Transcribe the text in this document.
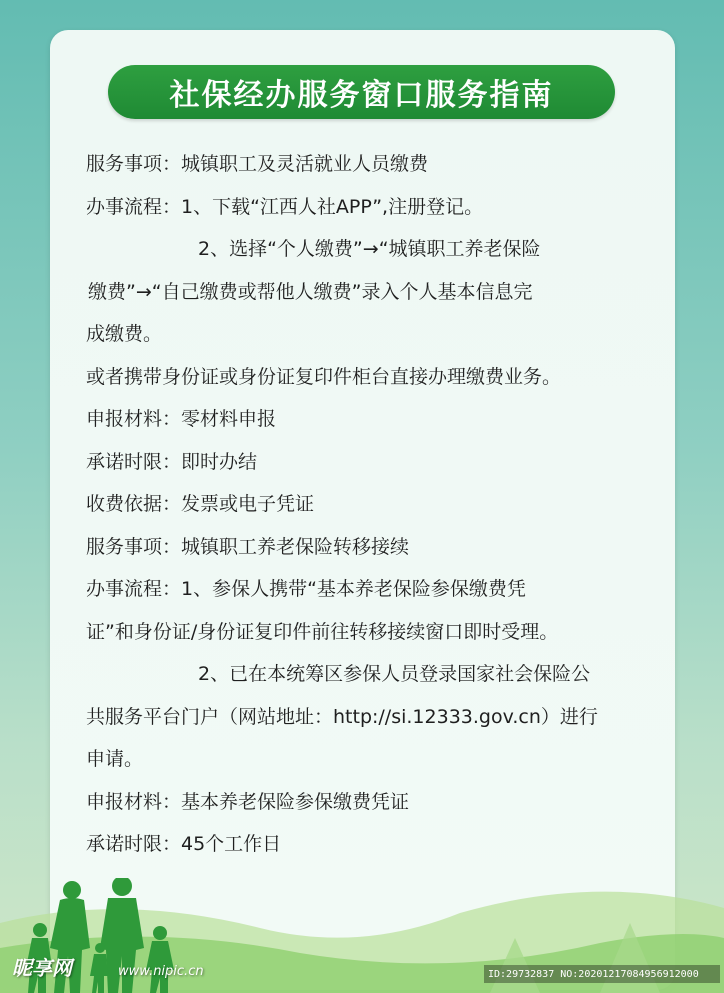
社保经办服务窗口服务指南
服务事项：城镇职工及灵活就业人员缴费
办事流程：1、下载“江西人社APP”,注册登记。
2、选择“个人缴费”→“城镇职工养老保险
缴费”→“自己缴费或帮他人缴费”录入个人基本信息完
成缴费。
或者携带身份证或身份证复印件柜台直接办理缴费业务。
申报材料：零材料申报
承诺时限：即时办结
收费依据：发票或电子凭证
服务事项：城镇职工养老保险转移接续
办事流程：1、参保人携带“基本养老保险参保缴费凭
证”和身份证/身份证复印件前往转移接续窗口即时受理。
2、已在本统筹区参保人员登录国家社会保险公
共服务平台门户（网站地址：http://si.12333.gov.cn）进行
申请。
申报材料：基本养老保险参保缴费凭证
承诺时限：45个工作日
昵享网	www.nipic.cn	ID:29732837 NO:20201217084956912000
